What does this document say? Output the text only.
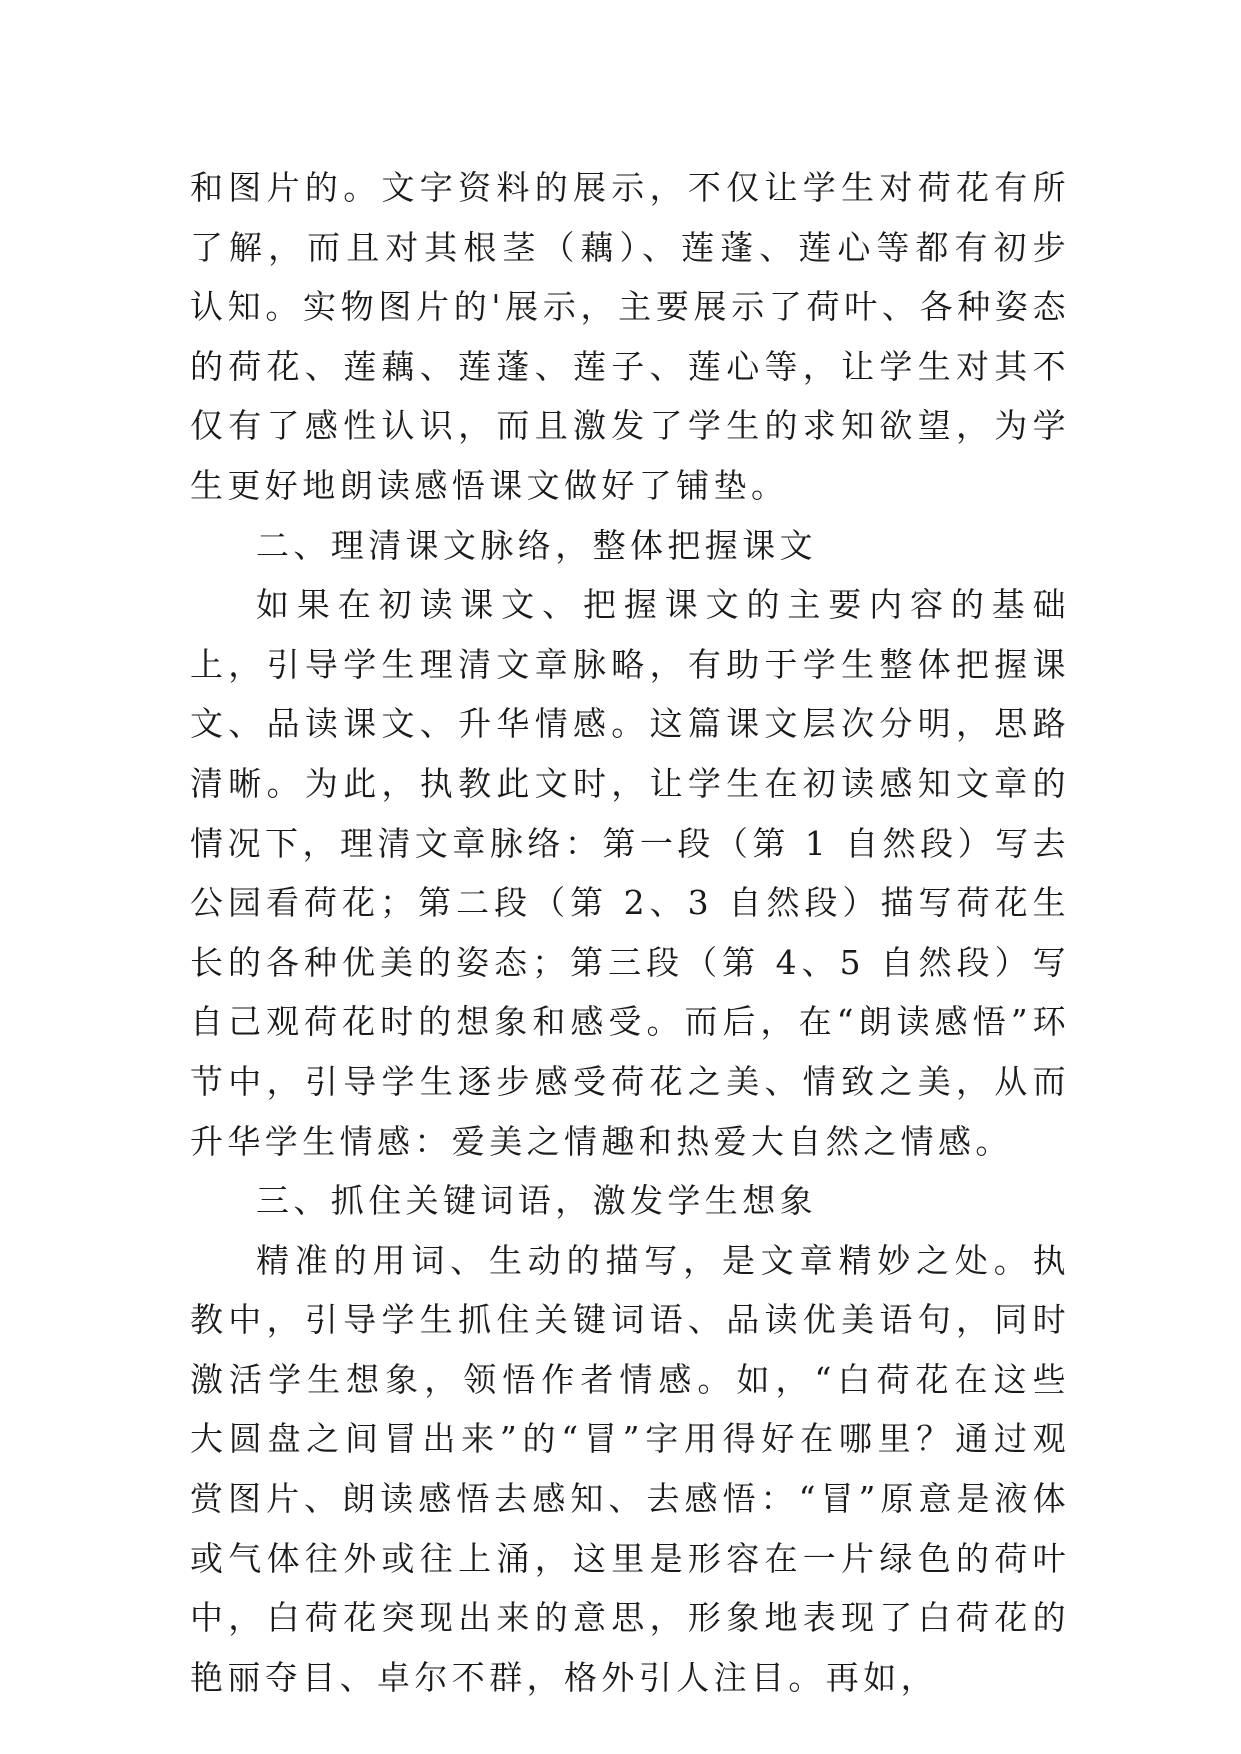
和图片的。文字资料的展示，不仅让学生对荷花有所了解，而且对其根茎（藕）、莲蓬、莲心等都有初步认知。实物图片的'展示，主要展示了荷叶、各种姿态的荷花、莲藕、莲蓬、莲子、莲心等，让学生对其不仅有了感性认识，而且激发了学生的求知欲望，为学生更好地朗读感悟课文做好了铺垫。

二、理清课文脉络，整体把握课文

如果在初读课文、把握课文的主要内容的基础上，引导学生理清文章脉略，有助于学生整体把握课文、品读课文、升华情感。这篇课文层次分明，思路清晰。为此，执教此文时，让学生在初读感知文章的情况下，理清文章脉络：第一段（第 1 自然段）写去公园看荷花；第二段（第 2、3 自然段）描写荷花生长的各种优美的姿态；第三段（第 4、5 自然段）写自己观荷花时的想象和感受。而后，在“朗读感悟”环节中，引导学生逐步感受荷花之美、情致之美，从而升华学生情感：爱美之情趣和热爱大自然之情感。

三、抓住关键词语，激发学生想象

精准的用词、生动的描写，是文章精妙之处。执教中，引导学生抓住关键词语、品读优美语句，同时激活学生想象，领悟作者情感。如，“白荷花在这些大圆盘之间冒出来”的“冒”字用得好在哪里？通过观赏图片、朗读感悟去感知、去感悟：“冒”原意是液体或气体往外或往上涌，这里是形容在一片绿色的荷叶中，白荷花突现出来的意思，形象地表现了白荷花的艳丽夺目、卓尔不群，格外引人注目。再如，
